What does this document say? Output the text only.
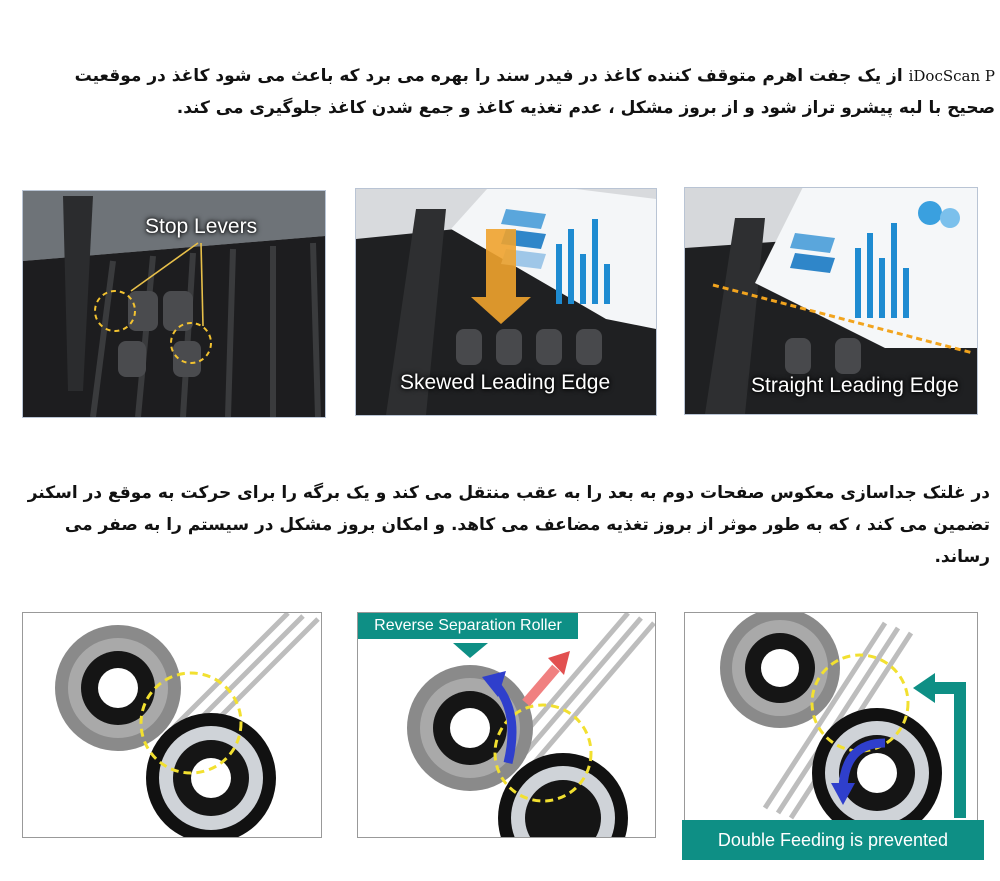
iDocScan P از یک جفت اهرم متوقف کننده کاغذ در فیدر سند را بهره می برد که باعث می شود کاغذ در موقعیت صحیح با لبه پیشرو تراز شود و از بروز مشکل ، عدم تغذیه کاغذ و جمع شدن کاغذ جلوگیری می کند.
Stop Levers
Skewed Leading Edge	Straight Leading Edge
در غلتک جداسازی معکوس صفحات دوم به بعد را به عقب منتقل می کند و یک برگه را برای حرکت به موقع در اسکنر تضمین می کند ، که به طور موثر از بروز تغذیه مضاعف می کاهد. و امکان بروز مشکل در سیستم را به صفر می رساند.
Reverse Separation Roller
Double Feeding is prevented
